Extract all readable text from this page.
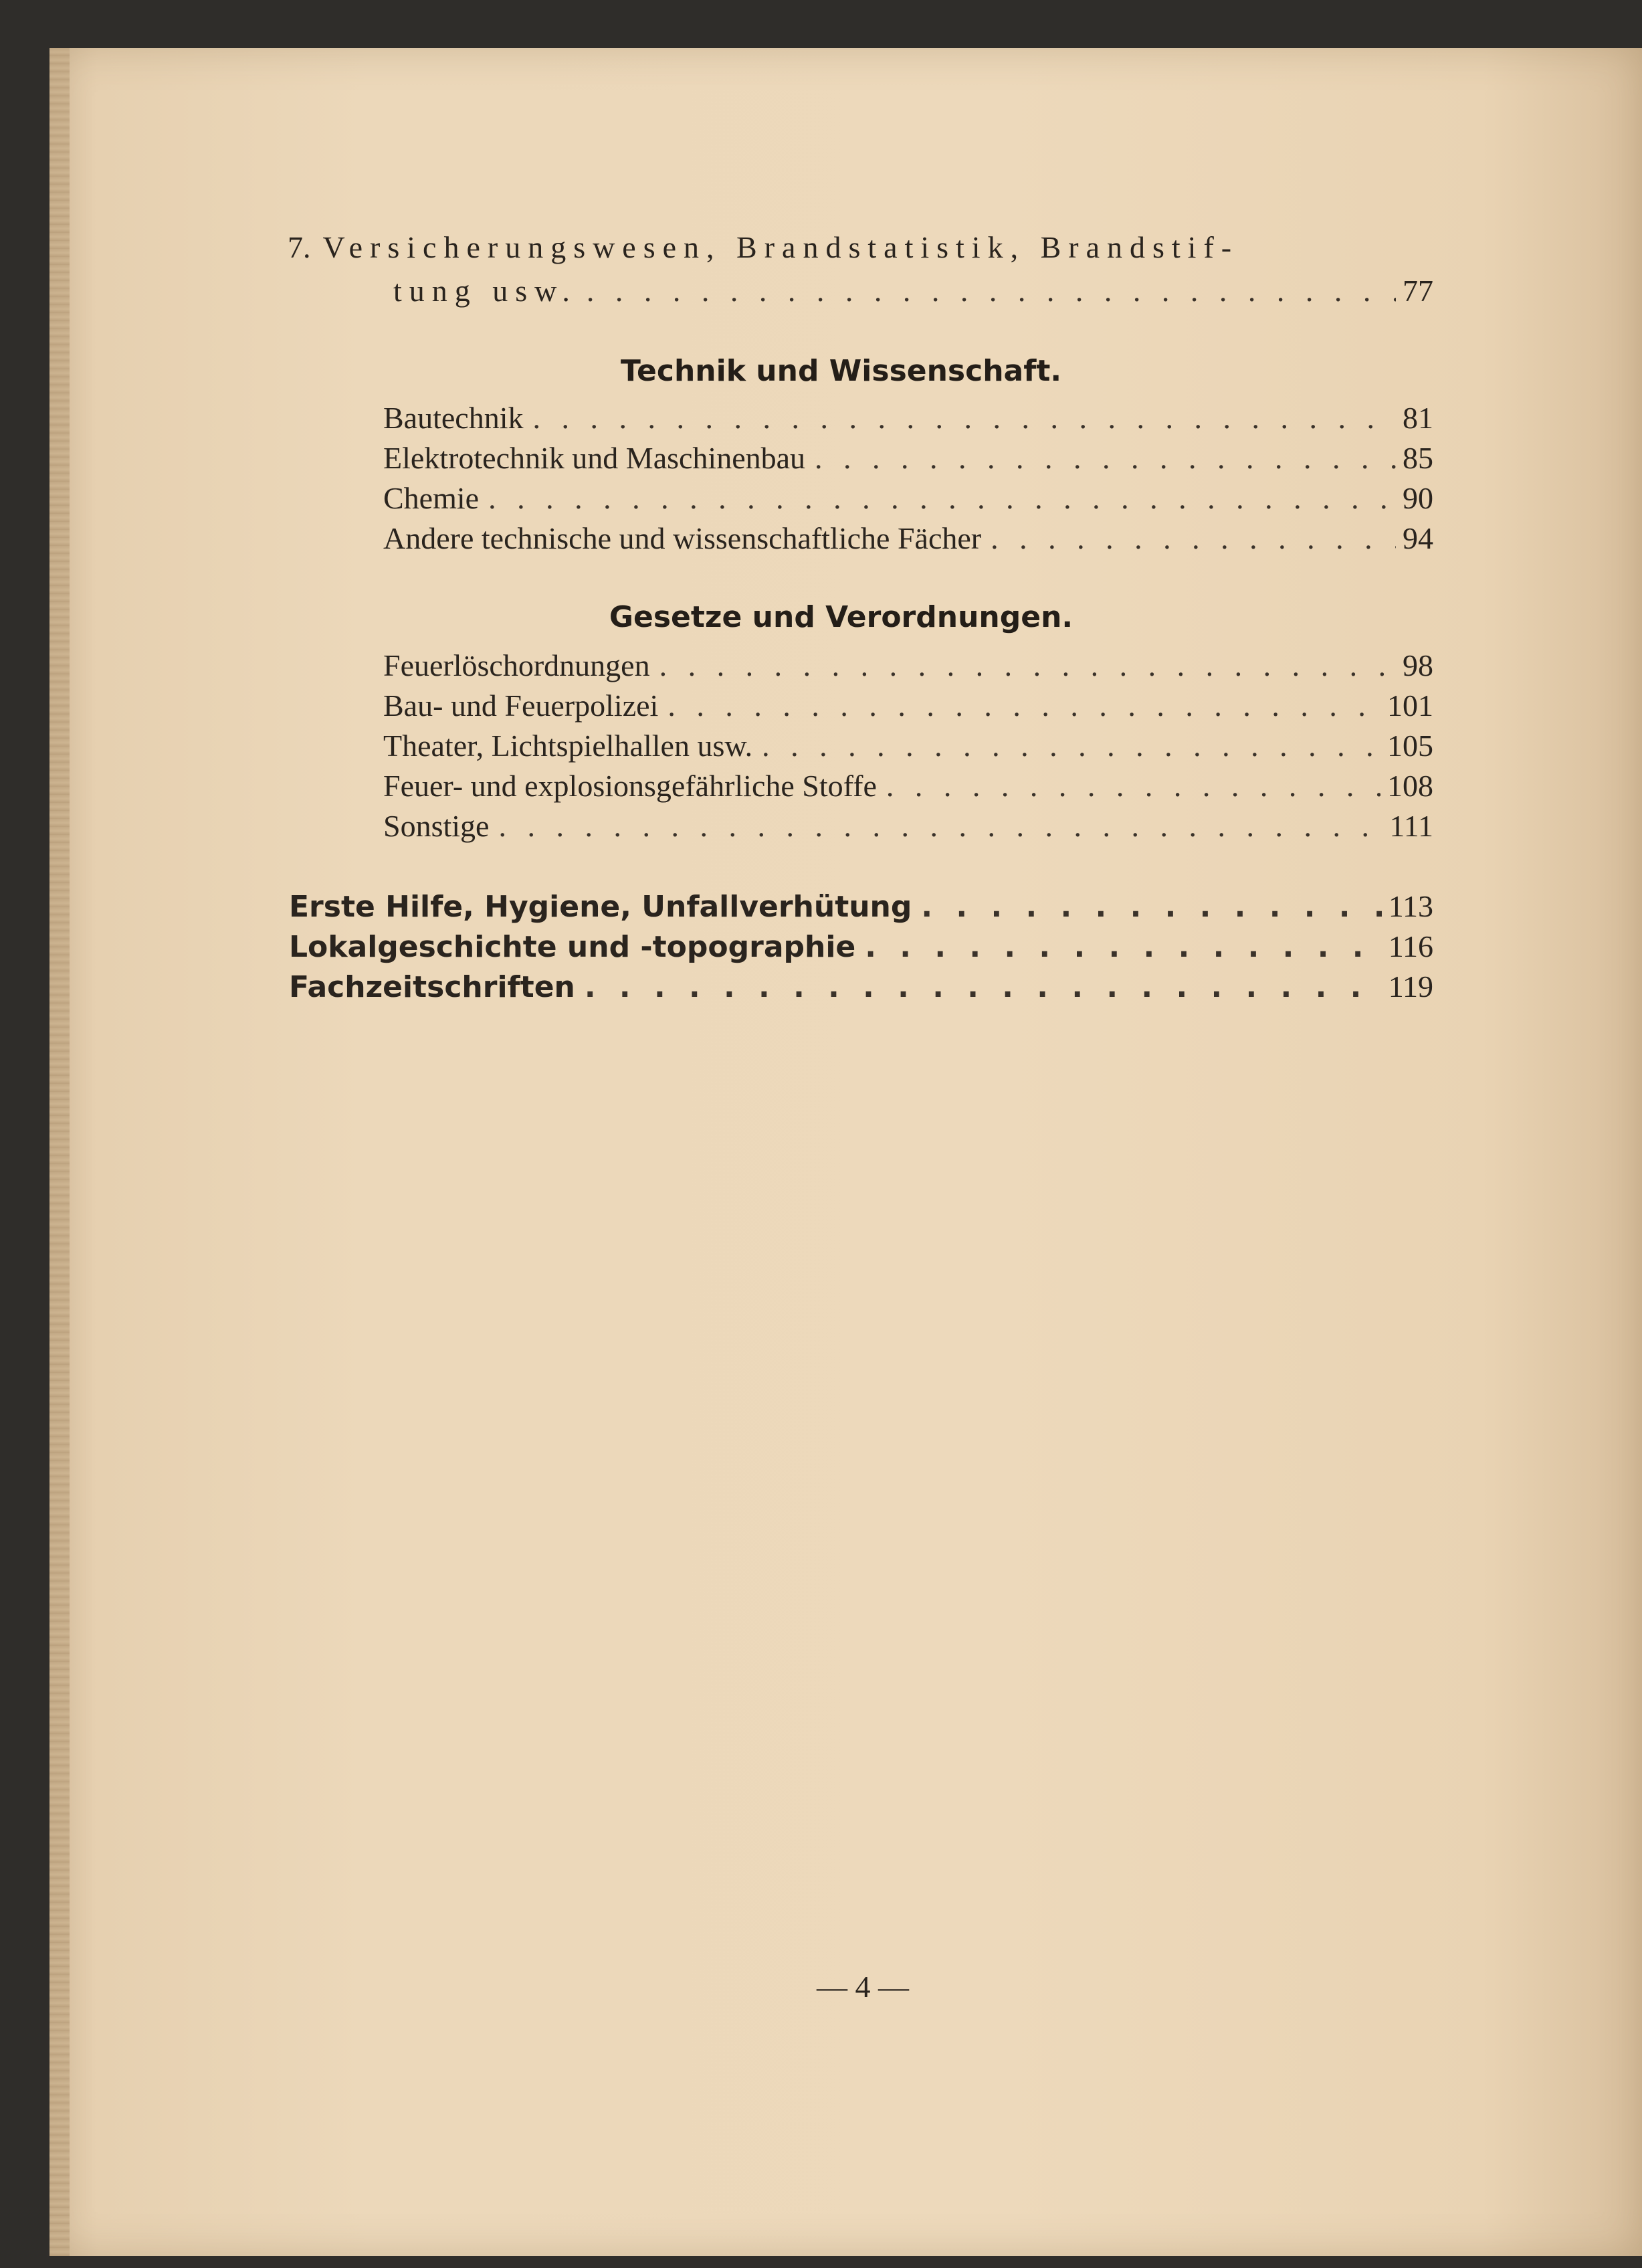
7. Versicherungswesen, Brandstatistik, Brandstif-
tung usw. . . .	77
Technik und Wissenschaft.
Bautechnik . . .	81
Elektrotechnik und Maschinenbau . . .	85
Chemie . . .	90
Andere technische und wissenschaftliche Fächer . . .	94
Gesetze und Verordnungen.
Feuerlöschordnungen . . .	98
Bau- und Feuerpolizei . . .	101
Theater, Lichtspielhallen usw. . . .	105
Feuer- und explosionsgefährliche Stoffe . . .	108
Sonstige . . .	111
Erste Hilfe, Hygiene, Unfallverhütung . . .	113
Lokalgeschichte und -topographie . . .	116
Fachzeitschriften . . .	119
— 4 —
